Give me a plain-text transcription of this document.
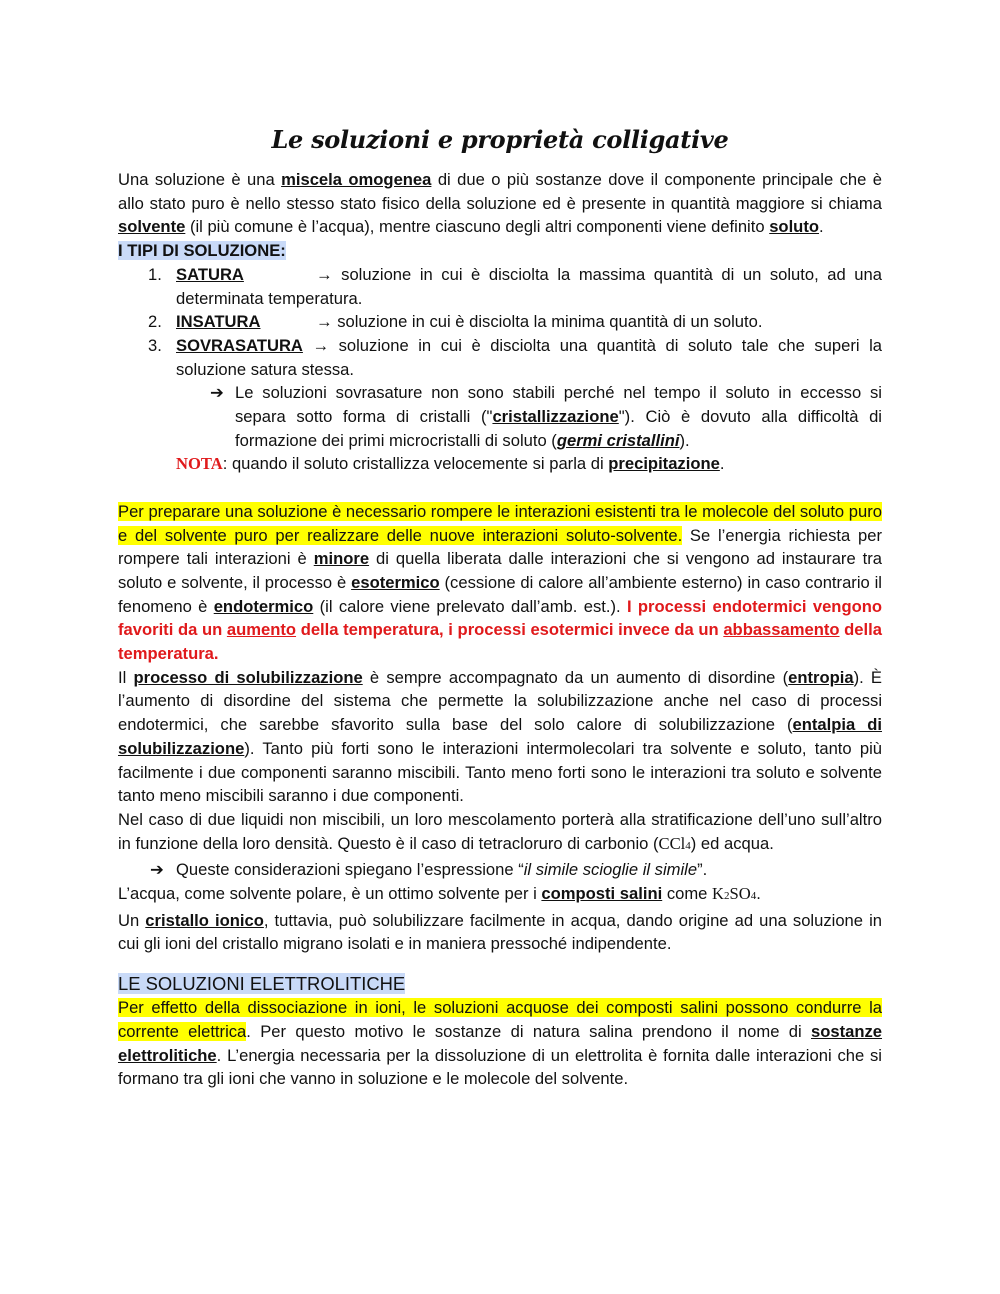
Le soluzioni e proprietà colligative

Una soluzione è una miscela omogenea di due o più sostanze dove il componente principale che è allo stato puro è nello stesso stato fisico della soluzione ed è presente in quantità maggiore si chiama solvente (il più comune è l’acqua), mentre ciascuno degli altri componenti viene definito soluto.

I TIPI DI SOLUZIONE:

1. SATURA	→ soluzione in cui è disciolta la massima quantità di un soluto, ad una determinata temperatura.
2. INSATURA	→ soluzione in cui è disciolta la minima quantità di un soluto.
3. SOVRASATURA → soluzione in cui è disciolta una quantità di soluto tale che superi la soluzione satura stessa.

➔ Le soluzioni sovrasature non sono stabili perché nel tempo il soluto in eccesso si separa sotto forma di cristalli ("cristallizzazione"). Ciò è dovuto alla difficoltà di formazione dei primi microcristalli di soluto (germi cristallini).

NOTA: quando il soluto cristallizza velocemente si parla di precipitazione.

Per preparare una soluzione è necessario rompere le interazioni esistenti tra le molecole del soluto puro e del solvente puro per realizzare delle nuove interazioni soluto-solvente. Se l’energia richiesta per rompere tali interazioni è minore di quella liberata dalle interazioni che si vengono ad instaurare tra soluto e solvente, il processo è esotermico (cessione di calore all’ambiente esterno) in caso contrario il fenomeno è endotermico (il calore viene prelevato dall’amb. est.). I processi endotermici vengono favoriti da un aumento della temperatura, i processi esotermici invece da un abbassamento della temperatura.

Il processo di solubilizzazione è sempre accompagnato da un aumento di disordine (entropia). È l’aumento di disordine del sistema che permette la solubilizzazione anche nel caso di processi endotermici, che sarebbe sfavorito sulla base del solo calore di solubilizzazione (entalpia di solubilizzazione). Tanto più forti sono le interazioni intermolecolari tra solvente e soluto, tanto più facilmente i due componenti saranno miscibili. Tanto meno forti sono le interazioni tra soluto e solvente tanto meno miscibili saranno i due componenti.

Nel caso di due liquidi non miscibili, un loro mescolamento porterà alla stratificazione dell’uno sull’altro in funzione della loro densità. Questo è il caso di tetracloruro di carbonio (CCl4) ed acqua.

➔ Queste considerazioni spiegano l’espressione “il simile scioglie il simile”.

L’acqua, come solvente polare, è un ottimo solvente per i composti salini come K2SO4.

Un cristallo ionico, tuttavia, può solubilizzare facilmente in acqua, dando origine ad una soluzione in cui gli ioni del cristallo migrano isolati e in maniera pressoché indipendente.

LE SOLUZIONI ELETTROLITICHE

Per effetto della dissociazione in ioni, le soluzioni acquose dei composti salini possono condurre la corrente elettrica. Per questo motivo le sostanze di natura salina prendono il nome di sostanze elettrolitiche. L’energia necessaria per la dissoluzione di un elettrolita è fornita dalle interazioni che si formano tra gli ioni che vanno in soluzione e le molecole del solvente.
